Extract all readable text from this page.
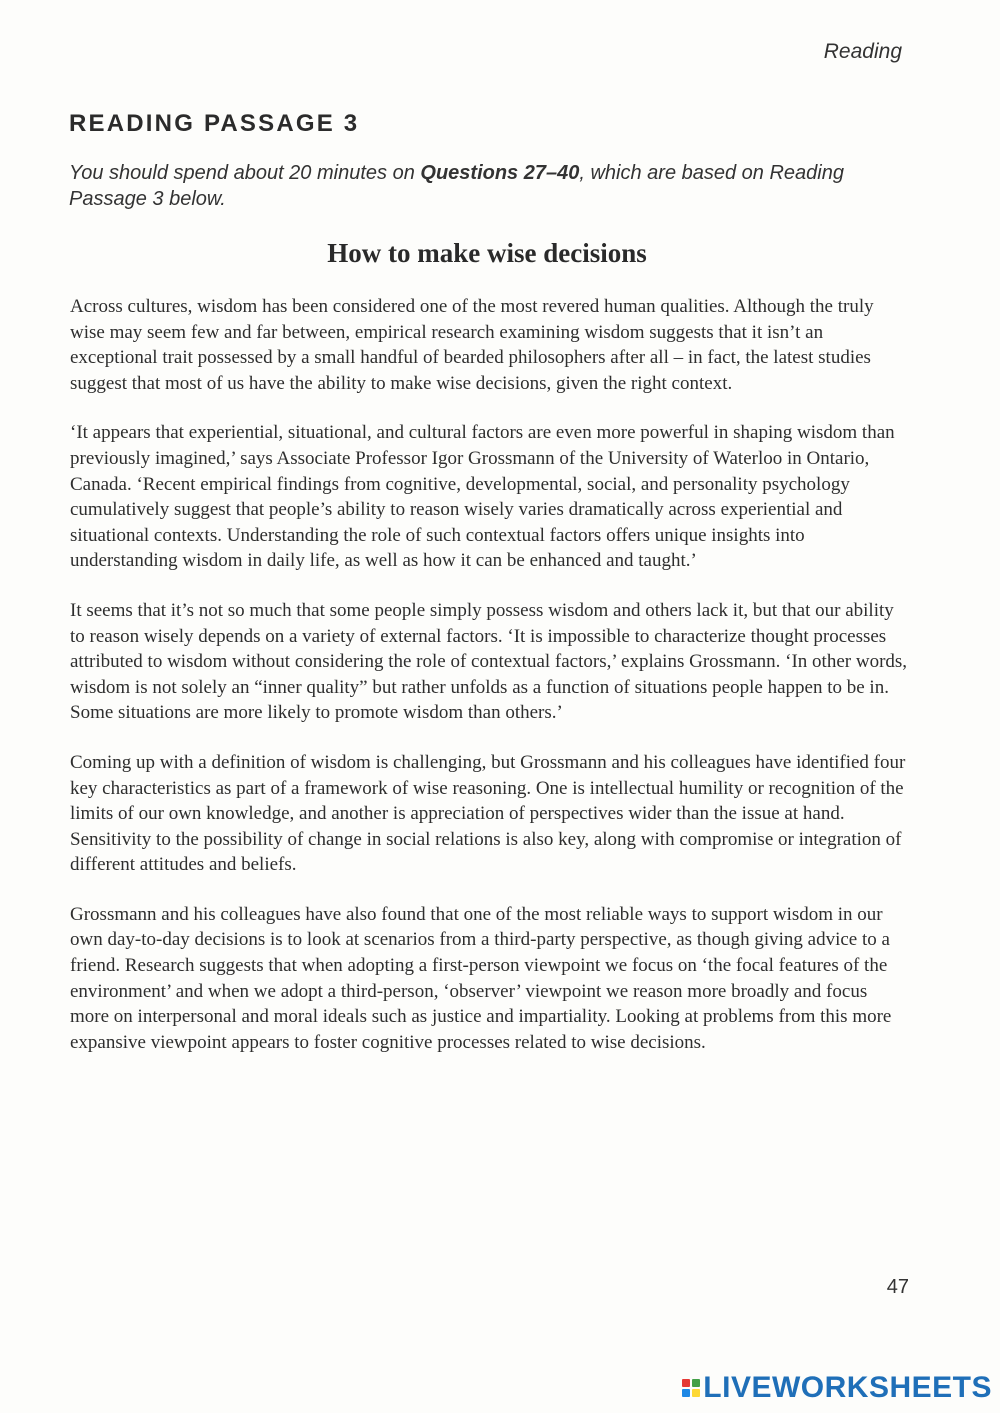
Reading
READING PASSAGE 3

You should spend about 20 minutes on Questions 27–40, which are based on Reading Passage 3 below.

How to make wise decisions

Across cultures, wisdom has been considered one of the most revered human qualities. Although the truly wise may seem few and far between, empirical research examining wisdom suggests that it isn’t an exceptional trait possessed by a small handful of bearded philosophers after all – in fact, the latest studies suggest that most of us have the ability to make wise decisions, given the right context.

‘It appears that experiential, situational, and cultural factors are even more powerful in shaping wisdom than previously imagined,’ says Associate Professor Igor Grossmann of the University of Waterloo in Ontario, Canada. ‘Recent empirical findings from cognitive, developmental, social, and personality psychology cumulatively suggest that people’s ability to reason wisely varies dramatically across experiential and situational contexts. Understanding the role of such contextual factors offers unique insights into understanding wisdom in daily life, as well as how it can be enhanced and taught.’

It seems that it’s not so much that some people simply possess wisdom and others lack it, but that our ability to reason wisely depends on a variety of external factors. ‘It is impossible to characterize thought processes attributed to wisdom without considering the role of contextual factors,’ explains Grossmann. ‘In other words, wisdom is not solely an “inner quality” but rather unfolds as a function of situations people happen to be in. Some situations are more likely to promote wisdom than others.’

Coming up with a definition of wisdom is challenging, but Grossmann and his colleagues have identified four key characteristics as part of a framework of wise reasoning. One is intellectual humility or recognition of the limits of our own knowledge, and another is appreciation of perspectives wider than the issue at hand. Sensitivity to the possibility of change in social relations is also key, along with compromise or integration of different attitudes and beliefs.

Grossmann and his colleagues have also found that one of the most reliable ways to support wisdom in our own day-to-day decisions is to look at scenarios from a third-party perspective, as though giving advice to a friend. Research suggests that when adopting a first-person viewpoint we focus on ‘the focal features of the environment’ and when we adopt a third-person, ‘observer’ viewpoint we reason more broadly and focus more on interpersonal and moral ideals such as justice and impartiality. Looking at problems from this more expansive viewpoint appears to foster cognitive processes related to wise decisions.

47
LIVEWORKSHEETS
